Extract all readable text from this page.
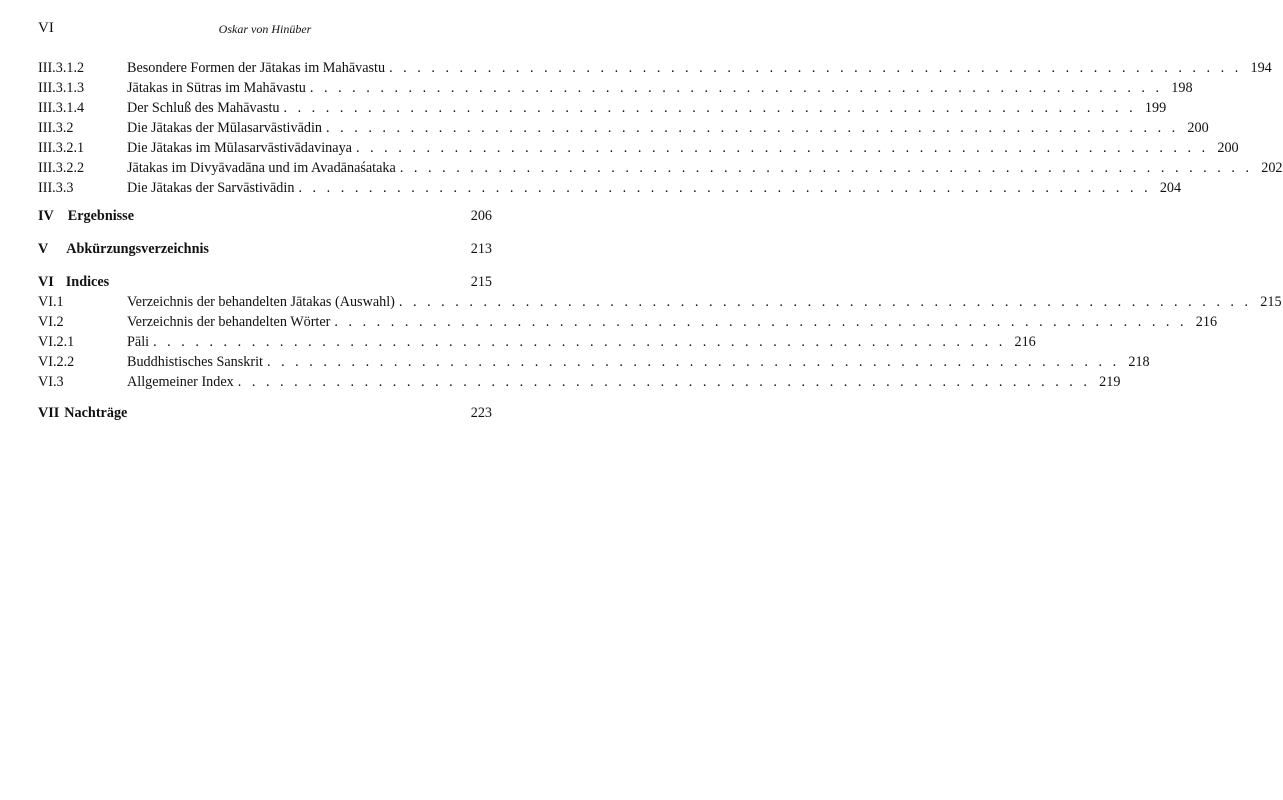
VI	Oskar von Hinüber
III.3.1.2	Besondere Formen der Jātakas im Mahāvastu . . . . . . . . . . . . . . . . . . . . . . . . . . . . . . . . . . . . . . . . . . . . . . . . . . . . . . . . . . . . . 194
III.3.1.3	Jātakas in Sūtras im Mahāvastu . . . . . . . . . . . . . . . . . . . . . . . . . . . . . . . . . . . . . . . . . . . . . . . . . . . . . . . . . . . . . 198
III.3.1.4	Der Schluß des Mahāvastu . . . . . . . . . . . . . . . . . . . . . . . . . . . . . . . . . . . . . . . . . . . . . . . . . . . . . . . . . . . . . 199
III.3.2	Die Jātakas der Mūlasarvāstivādin . . . . . . . . . . . . . . . . . . . . . . . . . . . . . . . . . . . . . . . . . . . . . . . . . . . . . . . . . . . . . 200
III.3.2.1	Die Jātakas im Mūlasarvāstivādavinaya . . . . . . . . . . . . . . . . . . . . . . . . . . . . . . . . . . . . . . . . . . . . . . . . . . . . . . . . . . . . . 200
III.3.2.2	Jātakas im Divyāvadāna und im Avadānaśataka . . . . . . . . . . . . . . . . . . . . . . . . . . . . . . . . . . . . . . . . . . . . . . . . . . . . . . . . . . . . . 202
III.3.3	Die Jātakas der Sarvāstivādin . . . . . . . . . . . . . . . . . . . . . . . . . . . . . . . . . . . . . . . . . . . . . . . . . . . . . . . . . . . . . 204
IV Ergebnisse	206
V Abkürzungsverzeichnis	213
VI Indices	215
VI.1	Verzeichnis der behandelten Jātakas (Auswahl) . . . . . . . . . . . . . . . . . . . . . . . . . . . . . . . . . . . . . . . . . . . . . . . . . . . . . . . . . . . . . 215
VI.2	Verzeichnis der behandelten Wörter . . . . . . . . . . . . . . . . . . . . . . . . . . . . . . . . . . . . . . . . . . . . . . . . . . . . . . . . . . . . . 216
VI.2.1	Pāli . . . . . . . . . . . . . . . . . . . . . . . . . . . . . . . . . . . . . . . . . . . . . . . . . . . . . . . . . . . . . 216
VI.2.2	Buddhistisches Sanskrit . . . . . . . . . . . . . . . . . . . . . . . . . . . . . . . . . . . . . . . . . . . . . . . . . . . . . . . . . . . . . 218
VI.3	Allgemeiner Index . . . . . . . . . . . . . . . . . . . . . . . . . . . . . . . . . . . . . . . . . . . . . . . . . . . . . . . . . . . . . 219
VII Nachträge	223
